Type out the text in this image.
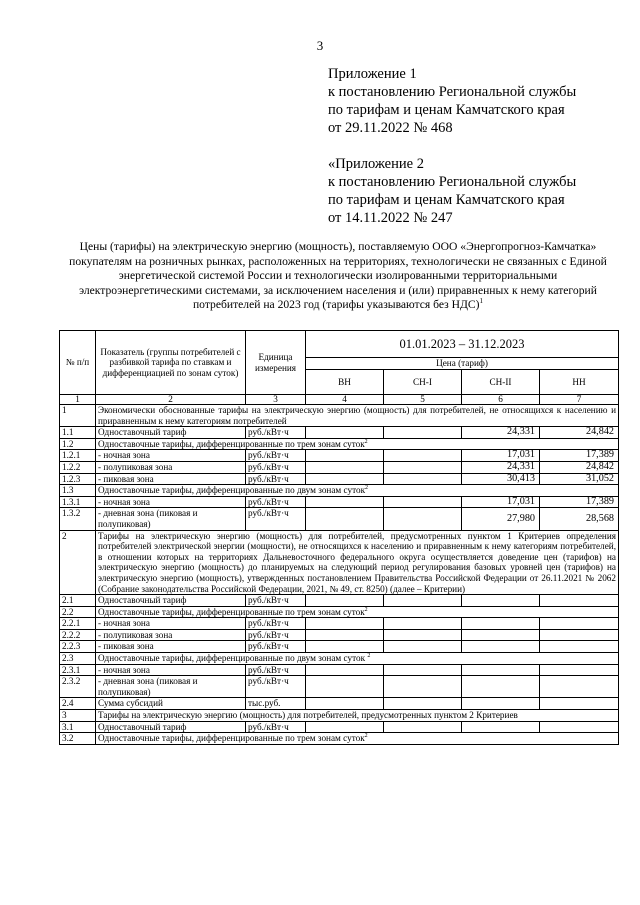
3
Приложение 1
к постановлению Региональной службы
по тарифам и ценам Камчатского края
от 29.11.2022 № 468
«Приложение 2
к постановлению Региональной службы
по тарифам и ценам Камчатского края
от 14.11.2022 № 247
Цены (тарифы) на электрическую энергию (мощность), поставляемую ООО «Энергопрогноз-Камчатка» покупателям на розничных рынках, расположенных на территориях, технологически не связанных с Единой энергетической системой России и технологически изолированными территориальными электроэнергетическими системами, за исключением населения и (или) приравненных к нему категорий потребителей на 2023 год (тарифы указываются без НДС)$^1$
№ п/п	Показатель (группы потребителей с разбивкой тарифа по ставкам и дифференциацией по зонам суток)	Единица измерения	01.01.2023 – 31.12.2023			
			Цена (тариф)			
			ВН	СН-I	СН-II	НН
1	2	3	4	5	6	7
1	Экономически обоснованные тарифы на электрическую энергию (мощность) для потребителей, не относящихся к населению и приравненным к нему категориям потребителей					
1.1	Одноставочный тариф	руб./кВт·ч			24,331	24,842
1.2	Одноставочные тарифы, дифференцированные по трем зонам суток$^2$
1.2.1	- ночная зона	руб./кВт·ч			17,031	17,389
1.2.2	- полупиковая зона	руб./кВт·ч			24,331	24,842
1.2.3	- пиковая зона	руб./кВт·ч			30,413	31,052
1.3	Одноставочные тарифы, дифференцированные по двум зонам суток$^2$
1.3.1	- ночная зона	руб./кВт·ч			17,031	17,389
1.3.2	- дневная зона (пиковая и полупиковая)	руб./кВт·ч			27,980	28,568
2	Тарифы на электрическую энергию (мощность) для потребителей, предусмотренных пунктом 1 Критериев определения потребителей электрической энергии (мощности), не относящихся к населению и приравненным к нему категориям потребителей, в отношении которых на территориях Дальневосточного федерального округа осуществляется доведение цен (тарифов) на электрическую энергию (мощность) до планируемых на следующий период регулирования базовых уровней цен (тарифов) на электрическую энергию (мощность), утвержденных постановлением Правительства Российской Федерации от 26.11.2021 № 2062 (Собрание законодательства Российской Федерации, 2021, № 49, ст. 8250) (далее – Критерии)					
2.1	Одноставочный тариф	руб./кВт·ч				
2.2	Одноставочные тарифы, дифференцированные по трем зонам суток$^2$
2.2.1	- ночная зона	руб./кВт·ч				
2.2.2	- полупиковая зона	руб./кВт·ч				
2.2.3	- пиковая зона	руб./кВт·ч				
2.3	Одноставочные тарифы, дифференцированные по двум зонам суток $^2$
2.3.1	- ночная зона	руб./кВт·ч				
2.3.2	- дневная зона (пиковая и полупиковая)	руб./кВт·ч				
2.4	Сумма субсидий	тыс.руб.				
3	Тарифы на электрическую энергию (мощность) для потребителей, предусмотренных пунктом 2 Критериев					
3.1	Одноставочный тариф	руб./кВт·ч				
3.2	Одноставочные тарифы, дифференцированные по трем зонам суток$^2$
